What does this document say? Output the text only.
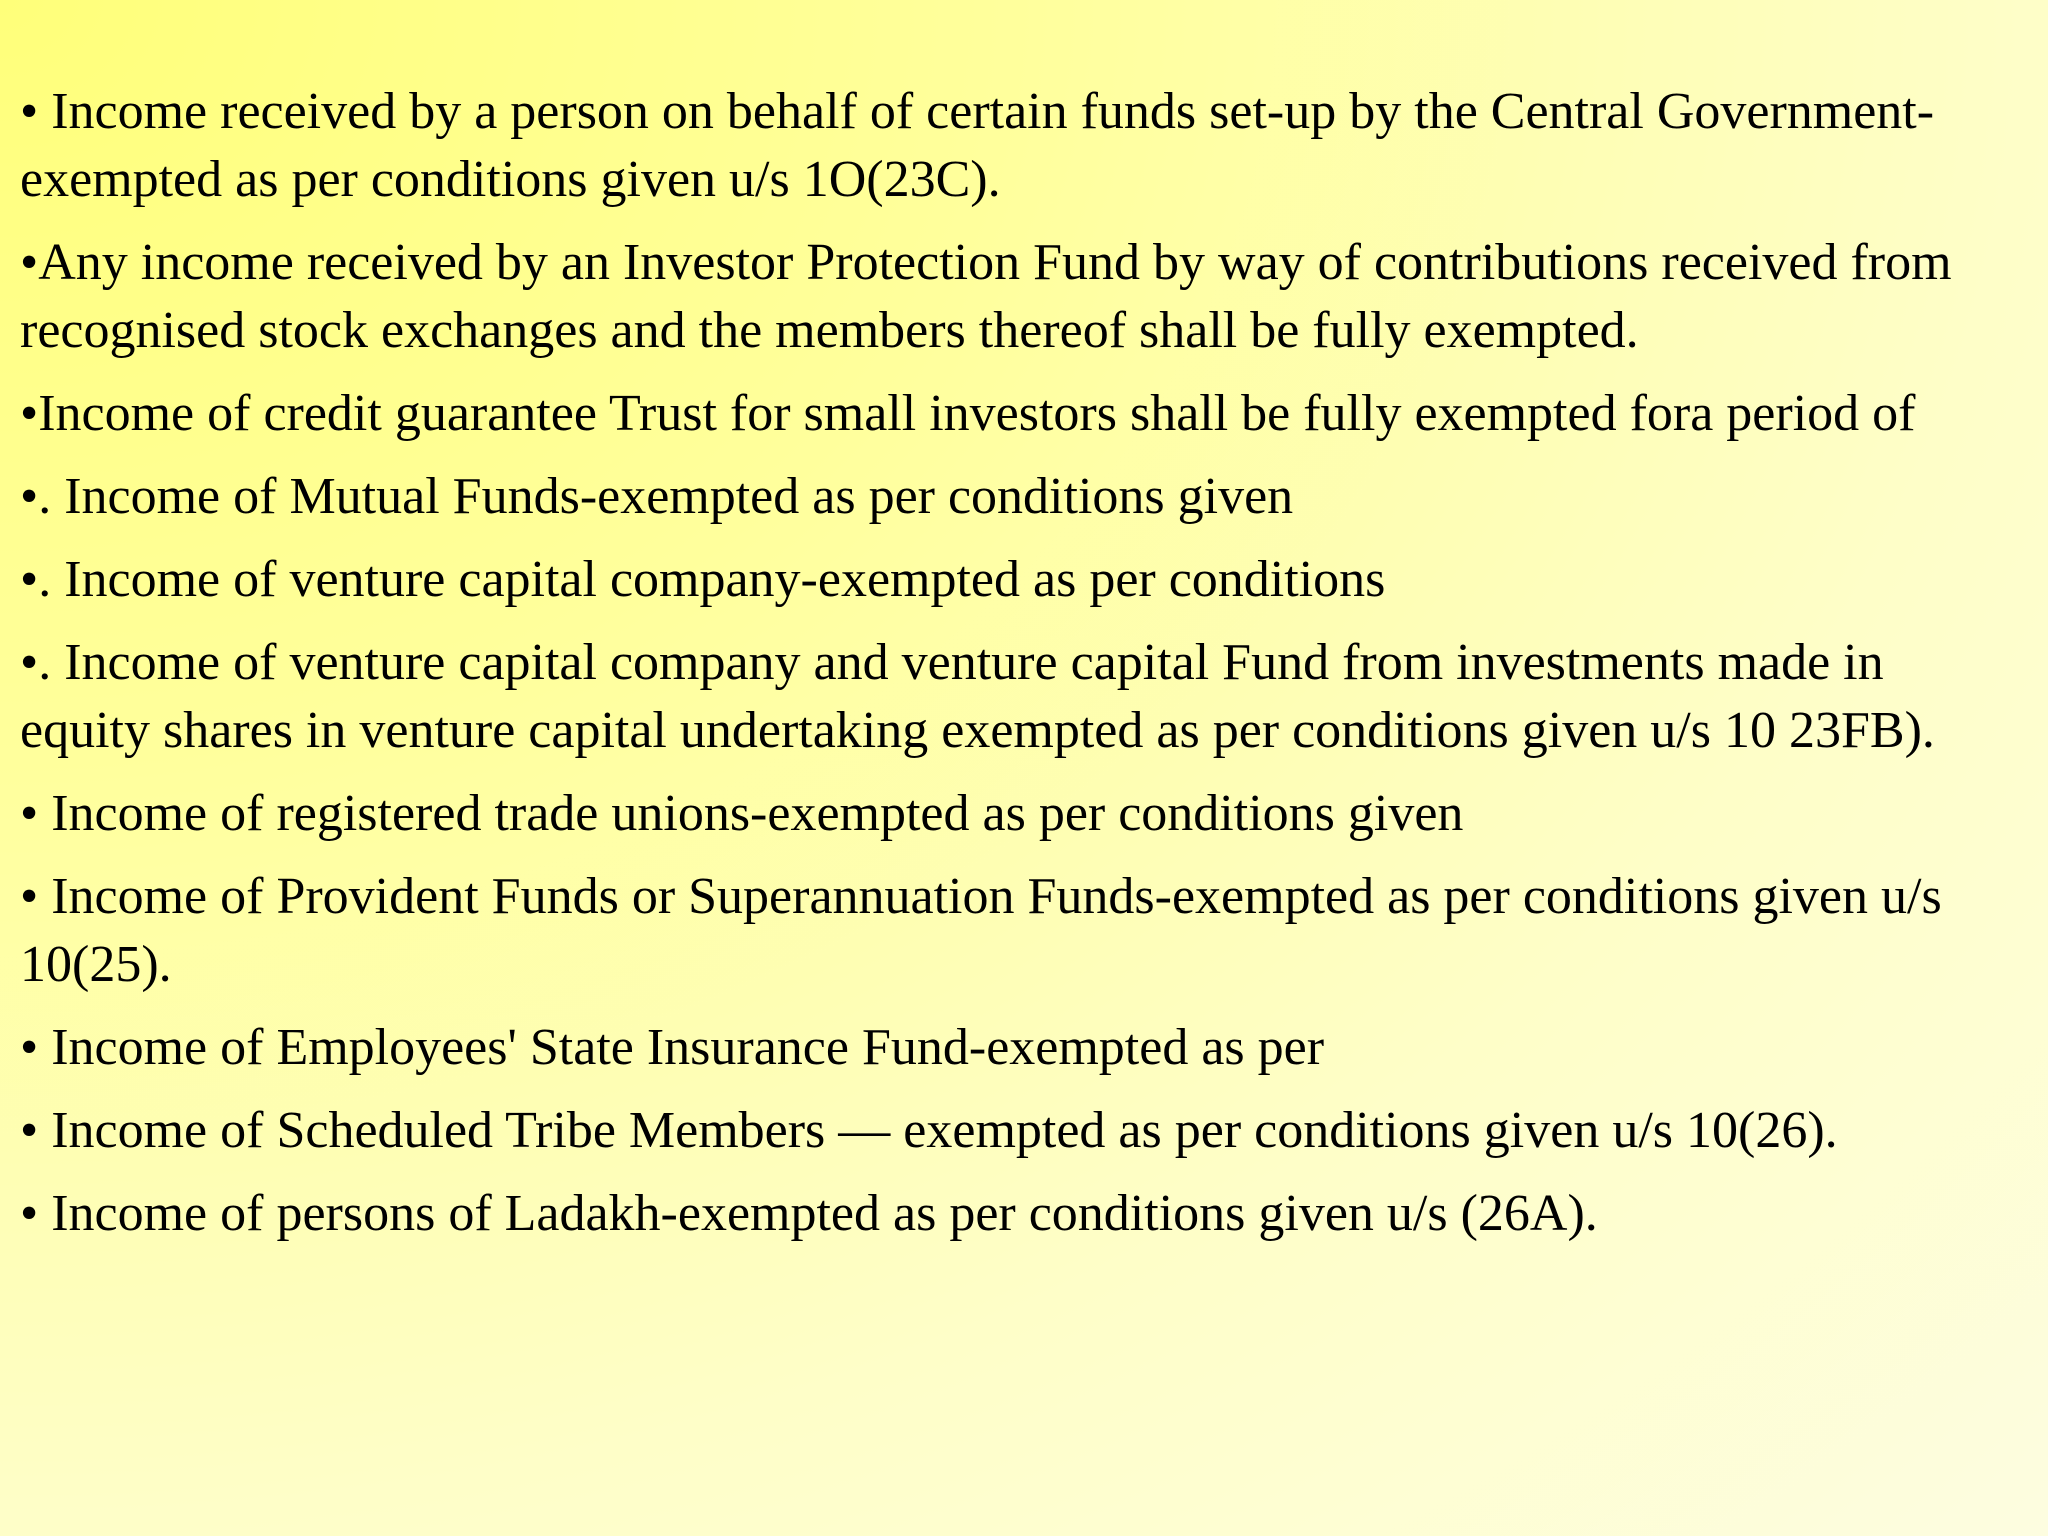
• Income received by a person on behalf of certain funds set-up by the Central Government-exempted as per conditions given u/s 1O(23C).
•Any income received by an Investor Protection Fund by way of contributions received from recognised stock exchanges and the members thereof shall be fully exempted.
•Income of credit guarantee Trust for small investors shall be fully exempted fora period of
•. Income of Mutual Funds-exempted as per conditions given
•. Income of venture capital company-exempted as per conditions
•. Income of venture capital company and venture capital Fund from investments made in equity shares in venture capital undertaking exempted as per conditions given u/s 10 23FB).
• Income of registered trade unions-exempted as per conditions given
• Income of Provident Funds or Superannuation Funds-exempted as per conditions given u/s 10(25).
• Income of Employees' State Insurance Fund-exempted as per
• Income of Scheduled Tribe Members — exempted as per conditions given u/s 10(26).
• Income of persons of Ladakh-exempted as per conditions given u/s (26A).
